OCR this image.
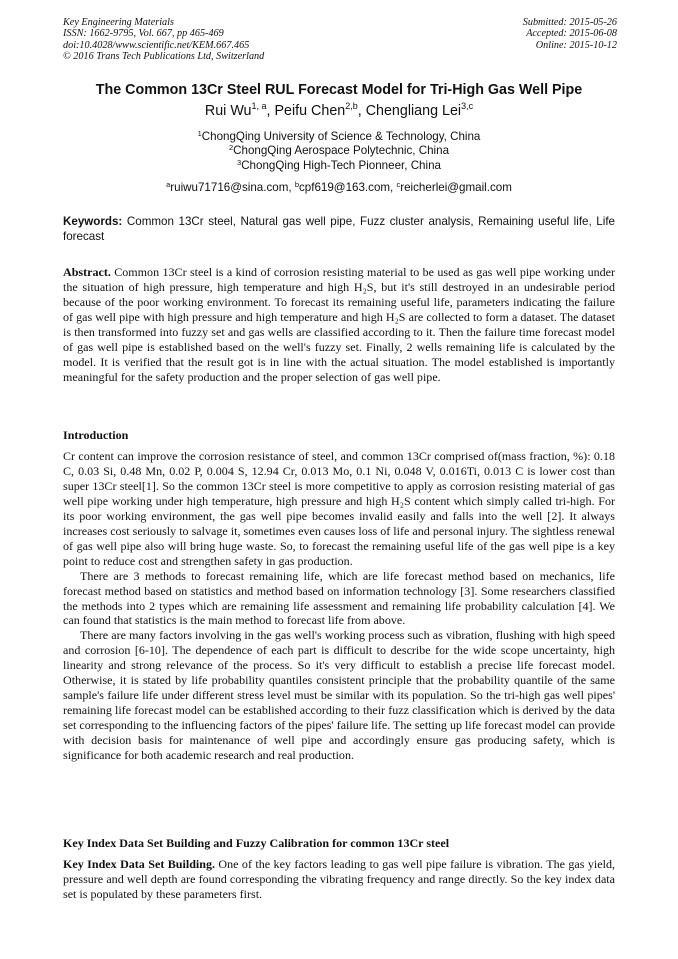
Key Engineering Materials
ISSN: 1662-9795, Vol. 667, pp 465-469
doi:10.4028/www.scientific.net/KEM.667.465
© 2016 Trans Tech Publications Ltd, Switzerland
Submitted: 2015-05-26
Accepted: 2015-06-08
Online: 2015-10-12
The Common 13Cr Steel RUL Forecast Model for Tri-High Gas Well Pipe
Rui Wu$^{1, a}$, Peifu Chen$^{2,b}$, Chengliang Lei$^{3,c}$
$^1$ChongQing University of Science & Technology, China
$^2$ChongQing Aerospace Polytechnic, China
$^3$ChongQing High-Tech Pionneer, China
$^a$ruiwu71716@sina.com, $^b$cpf619@163.com, $^c$reicherlei@gmail.com
Keywords: Common 13Cr steel, Natural gas well pipe, Fuzz cluster analysis, Remaining useful life, Life forecast

Abstract. Common 13Cr steel is a kind of corrosion resisting material to be used as gas well pipe working under the situation of high pressure, high temperature and high H₂S, but it's still destroyed in an undesirable period because of the poor working environment. To forecast its remaining useful life, parameters indicating the failure of gas well pipe with high pressure and high temperature and high H₂S are collected to form a dataset. The dataset is then transformed into fuzzy set and gas wells are classified according to it. Then the failure time forecast model of gas well pipe is established based on the well's fuzzy set. Finally, 2 wells remaining life is calculated by the model. It is verified that the result got is in line with the actual situation. The model established is importantly meaningful for the safety production and the proper selection of gas well pipe.

Introduction

Cr content can improve the corrosion resistance of steel, and common 13Cr comprised of(mass fraction, %): 0.18 C, 0.03 Si, 0.48 Mn, 0.02 P, 0.004 S, 12.94 Cr, 0.013 Mo, 0.1 Ni, 0.048 V, 0.016Ti, 0.013 C is lower cost than super 13Cr steel[1]. So the common 13Cr steel is more competitive to apply as corrosion resisting material of gas well pipe working under high temperature, high pressure and high H₂S content which simply called tri-high. For its poor working environment, the gas well pipe becomes invalid easily and falls into the well [2]. It always increases cost seriously to salvage it, sometimes even causes loss of life and personal injury. The sightless renewal of gas well pipe also will bring huge waste. So, to forecast the remaining useful life of the gas well pipe is a key point to reduce cost and strengthen safety in gas production.

There are 3 methods to forecast remaining life, which are life forecast method based on mechanics, life forecast method based on statistics and method based on information technology [3]. Some researchers classified the methods into 2 types which are remaining life assessment and remaining life probability calculation [4]. We can found that statistics is the main method to forecast life from above.

There are many factors involving in the gas well's working process such as vibration, flushing with high speed and corrosion [6-10]. The dependence of each part is difficult to describe for the wide scope uncertainty, high linearity and strong relevance of the process. So it's very difficult to establish a precise life forecast model. Otherwise, it is stated by life probability quantiles consistent principle that the probability quantile of the same sample's failure life under different stress level must be similar with its population. So the tri-high gas well pipes' remaining life forecast model can be established according to their fuzz classification which is derived by the data set corresponding to the influencing factors of the pipes' failure life. The setting up life forecast model can provide with decision basis for maintenance of well pipe and accordingly ensure gas producing safety, which is significance for both academic research and real production.

Key Index Data Set Building and Fuzzy Calibration for common 13Cr steel

Key Index Data Set Building. One of the key factors leading to gas well pipe failure is vibration. The gas yield, pressure and well depth are found corresponding the vibrating frequency and range directly. So the key index data set is populated by these parameters first.
